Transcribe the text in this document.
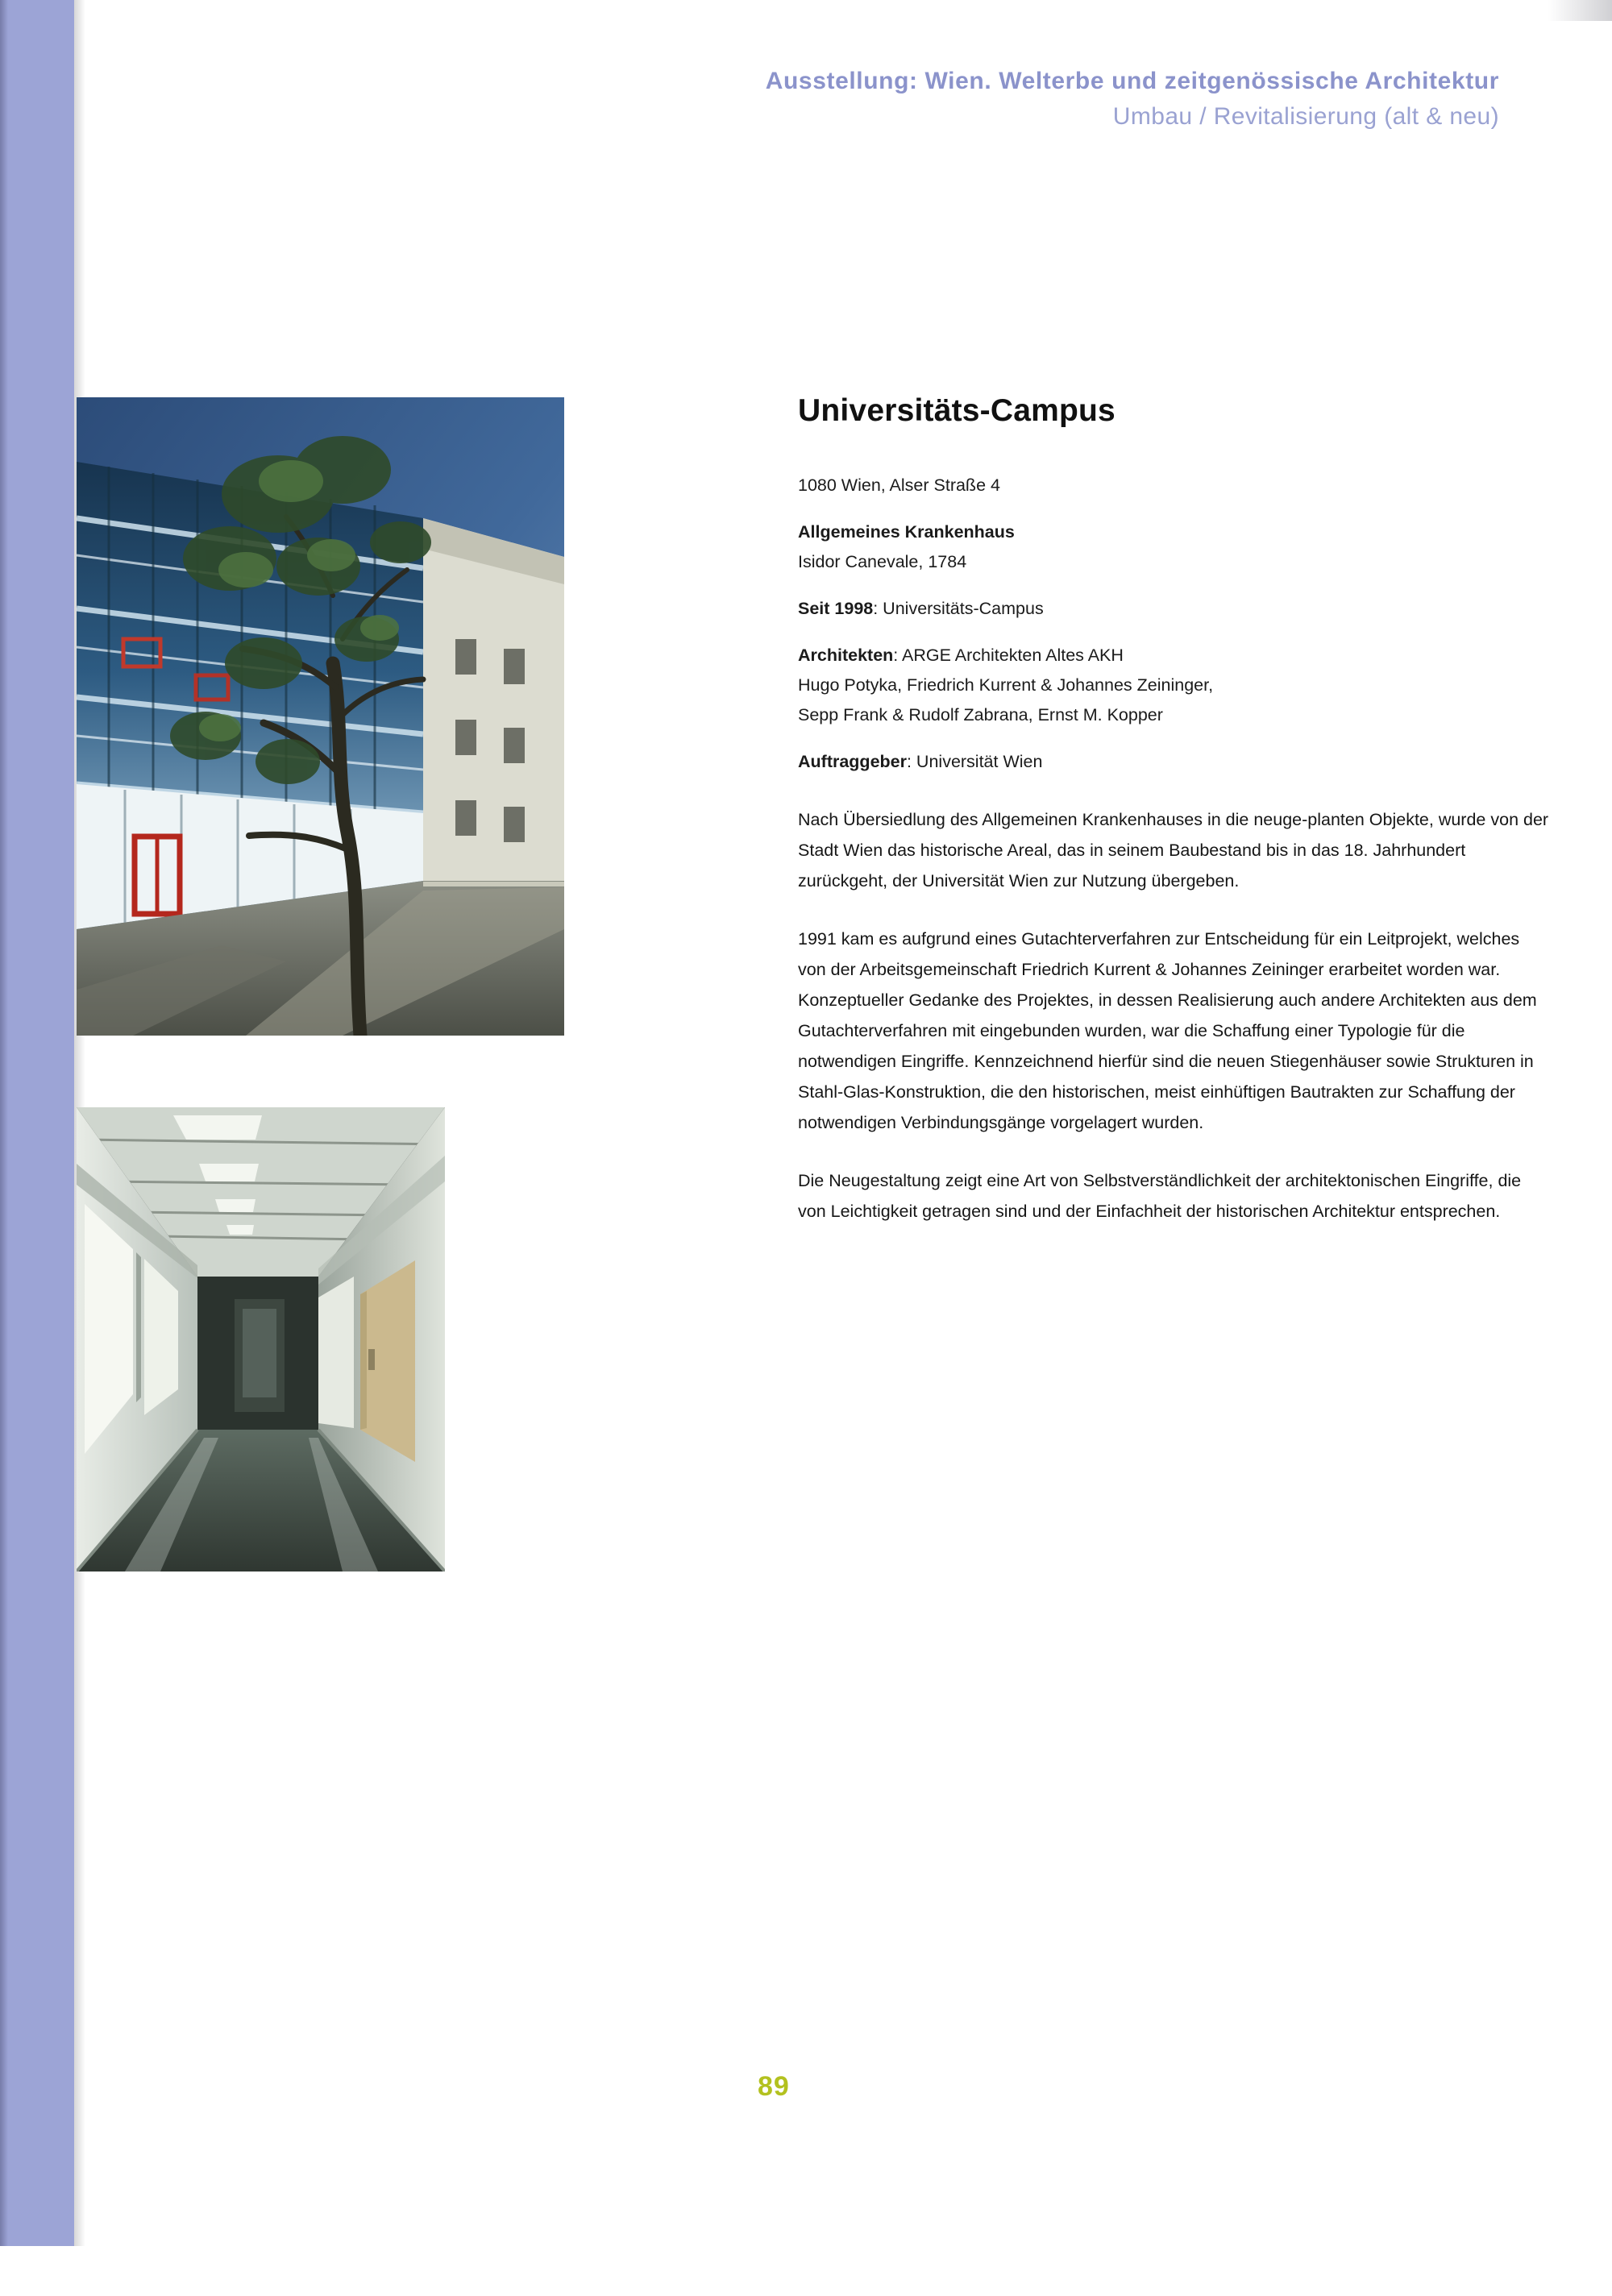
Ausstellung: Wien. Welterbe und zeitgenössische Architektur
Umbau / Revitalisierung (alt & neu)
Universitäts-Campus
1080 Wien, Alser Straße 4
Allgemeines Krankenhaus
Isidor Canevale, 1784
Seit 1998: Universitäts-Campus
Architekten: ARGE Architekten Altes AKH
Hugo Potyka, Friedrich Kurrent & Johannes Zeininger,
Sepp Frank & Rudolf Zabrana, Ernst M. Kopper
Auftraggeber: Universität Wien

Nach Übersiedlung des Allgemeinen Krankenhauses in die neuge-planten Objekte, wurde von der Stadt Wien das historische Areal, das in seinem Baubestand bis in das 18. Jahrhundert zurückgeht, der Universität Wien zur Nutzung übergeben.

1991 kam es aufgrund eines Gutachterverfahren zur Entscheidung für ein Leitprojekt, welches von der Arbeitsgemeinschaft Friedrich Kurrent & Johannes Zeininger erarbeitet worden war. Konzeptueller Gedanke des Projektes, in dessen Realisierung auch andere Architekten aus dem Gutachterverfahren mit eingebunden wurden, war die Schaffung einer Typologie für die notwendigen Eingriffe. Kennzeichnend hierfür sind die neuen Stiegenhäuser sowie Strukturen in Stahl-Glas-Konstruktion, die den historischen, meist einhüftigen Bautrakten zur Schaffung der notwendigen Verbindungsgänge vorgelagert wurden.

Die Neugestaltung zeigt eine Art von Selbstverständlichkeit der architektonischen Eingriffe, die von Leichtigkeit getragen sind und der Einfachheit der historischen Architektur entsprechen.

89
